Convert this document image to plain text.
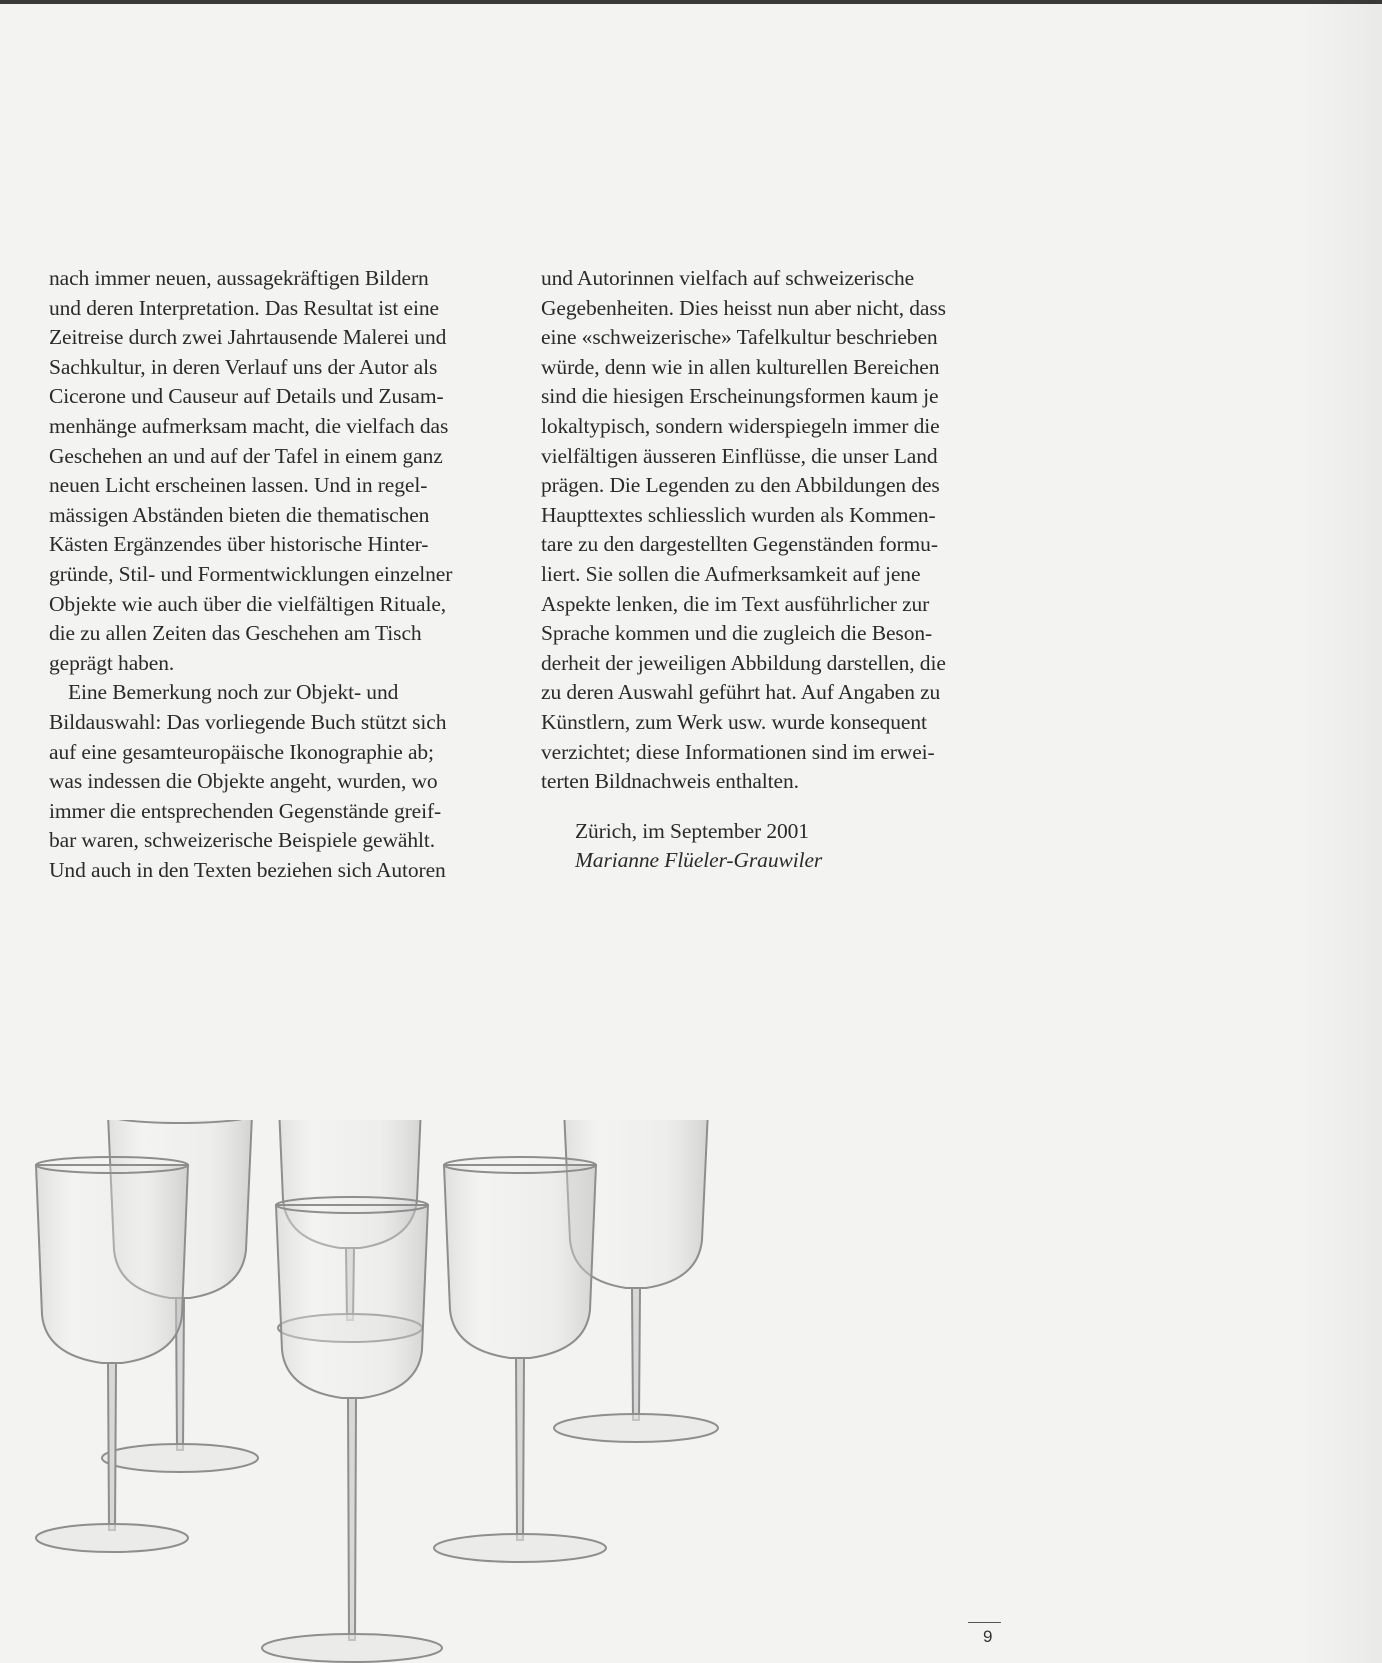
nach immer neuen, aussagekräftigen Bildern
und deren Interpretation. Das Resultat ist eine
Zeitreise durch zwei Jahrtausende Malerei und
Sachkultur, in deren Verlauf uns der Autor als
Cicerone und Causeur auf Details und Zusam-
menhänge aufmerksam macht, die vielfach das
Geschehen an und auf der Tafel in einem ganz
neuen Licht erscheinen lassen. Und in regel-
mässigen Abständen bieten die thematischen
Kästen Ergänzendes über historische Hinter-
gründe, Stil- und Formentwicklungen einzelner
Objekte wie auch über die vielfältigen Rituale,
die zu allen Zeiten das Geschehen am Tisch
geprägt haben.
Eine Bemerkung noch zur Objekt- und
Bildauswahl: Das vorliegende Buch stützt sich
auf eine gesamteuropäische Ikonographie ab;
was indessen die Objekte angeht, wurden, wo
immer die entsprechenden Gegenstände greif-
bar waren, schweizerische Beispiele gewählt.
Und auch in den Texten beziehen sich Autoren
und Autorinnen vielfach auf schweizerische
Gegebenheiten. Dies heisst nun aber nicht, dass
eine «schweizerische» Tafelkultur beschrieben
würde, denn wie in allen kulturellen Bereichen
sind die hiesigen Erscheinungsformen kaum je
lokaltypisch, sondern widerspiegeln immer die
vielfältigen äusseren Einflüsse, die unser Land
prägen. Die Legenden zu den Abbildungen des
Haupttextes schliesslich wurden als Kommen-
tare zu den dargestellten Gegenständen formu-
liert. Sie sollen die Aufmerksamkeit auf jene
Aspekte lenken, die im Text ausführlicher zur
Sprache kommen und die zugleich die Beson-
derheit der jeweiligen Abbildung darstellen, die
zu deren Auswahl geführt hat. Auf Angaben zu
Künstlern, zum Werk usw. wurde konsequent
verzichtet; diese Informationen sind im erwei-
terten Bildnachweis enthalten.
Zürich, im September 2001
Marianne Flüeler-Grauwiler
9
